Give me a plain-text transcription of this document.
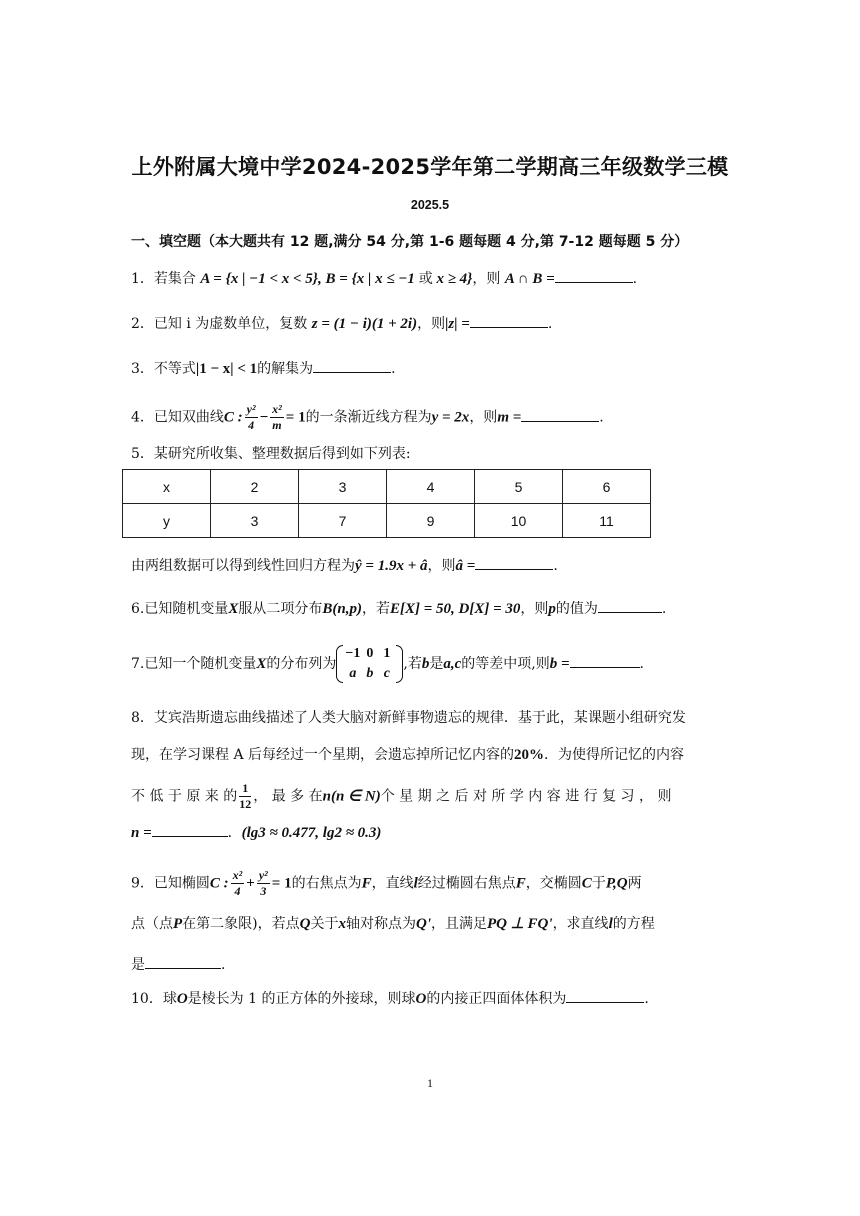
上外附属大境中学2024-2025学年第二学期高三年级数学三模
2025.5
一、填空题（本大题共有 12 题,满分 54 分,第 1-6 题每题 4 分,第 7-12 题每题 5 分）
1．若集合 A = {x | −1 < x < 5}, B = {x | x ≤ −1 或 x ≥ 4}，则 A ∩ B =	.
2．已知 i 为虚数单位，复数 z = (1 − i)(1 + 2i)，则|z| =	.
3．不等式|1 − x| < 1的解集为	.
4．已知双曲线C : $\frac{\text{y²}}{4} - \frac{\text{x²}}{m} = 1$的一条渐近线方程为y = 2x，则m =	.
5．某研究所收集、整理数据后得到如下列表:
x	2	3	4	5	6
y	3	7	9	10	11
由两组数据可以得到线性回归方程为ŷ = 1.9x + â，则â =	.
6.已知随机变量X服从二项分布B(n,p)，若E[X] = 50, D[X] = 30，则p的值为	.
7.已知一个随机变量X的分布列为
−1 0 1
a b c
,若b是a,c的等差中项,则b =	.
8．艾宾浩斯遗忘曲线描述了人类大脑对新鲜事物遗忘的规律．基于此，某课题小组研究发
现，在学习课程 A 后每经过一个星期，会遗忘掉所记忆内容的20%．为使得所记忆的内容
不 低 于 原 来 的 $\frac{1}{12}$ ， 最 多 在n(n ∈ N)个 星 期 之 后 对 所 学 内 容 进 行 复 习 ， 则
n =	．(lg3 ≈ 0.477, lg2 ≈ 0.3)
9．已知椭圆C : $\frac{\text{x²}}{4} + \frac{\text{y²}}{3} = 1$的右焦点为F，直线l经过椭圆右焦点F，交椭圆C于P,Q两
点（点P在第二象限)，若点Q关于x轴对称点为Q'，且满足PQ ⊥ FQ'，求直线l的方程
是	.
10．球O是棱长为 1 的正方体的外接球，则球O的内接正四面体体积为	.
1
